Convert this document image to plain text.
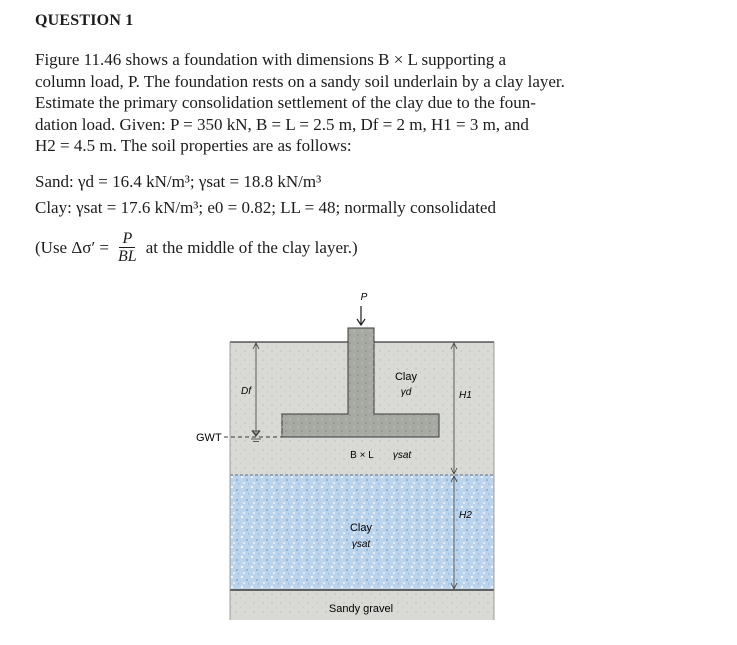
QUESTION 1
Figure 11.46 shows a foundation with dimensions B × L supporting a
column load, P. The foundation rests on a sandy soil underlain by a clay layer.
Estimate the primary consolidation settlement of the clay due to the foun-
dation load. Given: P = 350 kN, B = L = 2.5 m, Df = 2 m, H1 = 3 m, and
H2 = 4.5 m. The soil properties are as follows:
Sand: γd = 16.4 kN/m³; γsat = 18.8 kN/m³
Clay: γsat = 17.6 kN/m³; e0 = 0.82; LL = 48; normally consolidated
(Use $\Delta\sigma' = \frac{P}{BL}$ at the middle of the clay layer.)
P
Df	H1
H2
GWT
Clay
γd
B × L γsat
Clay
γsat
Sandy gravel
